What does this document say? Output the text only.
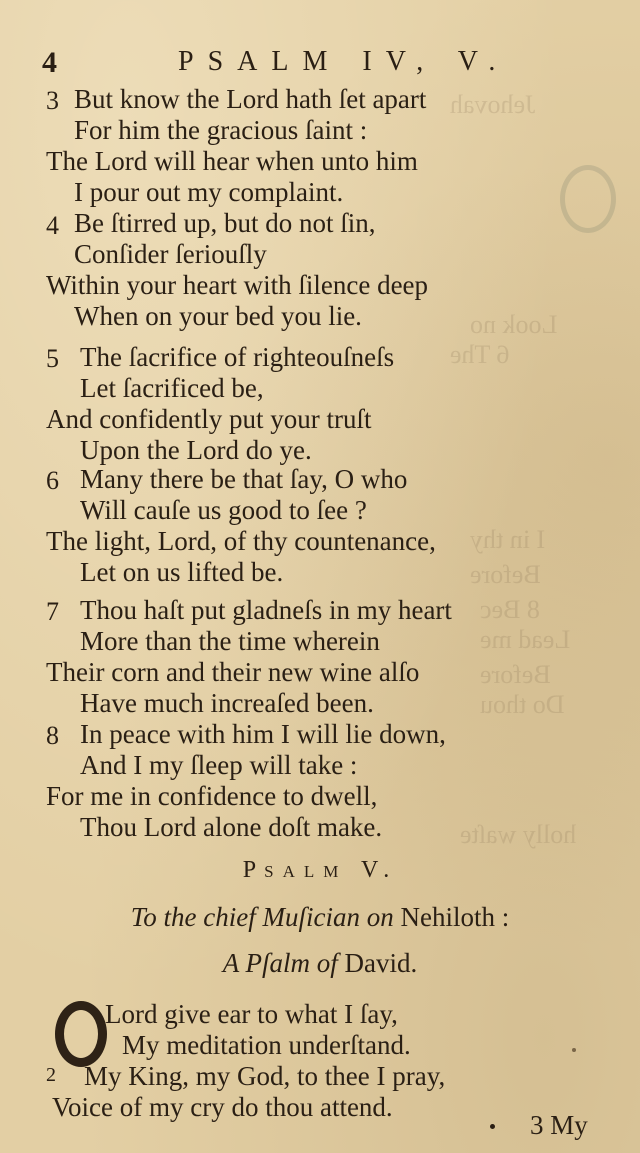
Jehovah
Look no
6 The
I in thy
Before
8 Bec
Lead me
Before
Do thou
holly waſte
4	PSALM IV, V.
3 But know the Lord hath ſet apart
For him the gracious ſaint :
The Lord will hear when unto him
I pour out my complaint.
4 Be ſtirred up, but do not ſin,
Conſider ſeriouſly
Within your heart with ſilence deep
When on your bed you lie.
5 The ſacrifice of righteouſneſs
Let ſacrificed be,
And confidently put your truſt
Upon the Lord do ye.
6 Many there be that ſay, O who
Will cauſe us good to ſee ?
The light, Lord, of thy countenance,
Let on us lifted be.
7 Thou haſt put gladneſs in my heart
More than the time wherein
Their corn and their new wine alſo
Have much increaſed been.
8 In peace with him I will lie down,
And I my ſleep will take :
For me in confidence to dwell,
Thou Lord alone doſt make.
PSALM V.
To the chief Muſician on Nehiloth :
A Pſalm of David.
Lord give ear to what I ſay,
My meditation underſtand.
2 My King, my God, to thee I pray,
Voice of my cry do thou attend.
3 My
